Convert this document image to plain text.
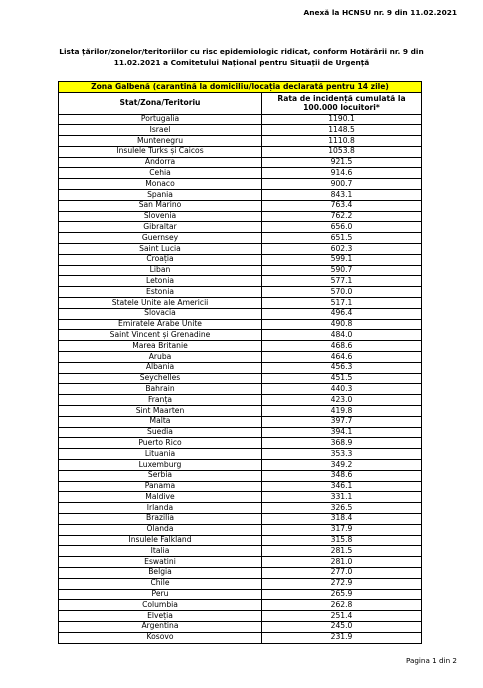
Anexă la HCNSU nr. 9 din 11.02.2021
Lista țărilor/zonelor/teritoriilor cu risc epidemiologic ridicat, conform Hotărârii nr. 9 din
11.02.2021 a Comitetului Național pentru Situații de Urgență
Zona Galbenă (carantină la domiciliu/locația declarată pentru 14 zile)	
Stat/Zona/Teritoriu	Rata de incidență cumulată la
100.000 locuitori*
Portugalia	1190.1
Israel	1148.5
Muntenegru	1110.8
Insulele Turks și Caicos	1053.8
Andorra	921.5
Cehia	914.6
Monaco	900.7
Spania	843.1
San Marino	763.4
Slovenia	762.2
Gibraltar	656.0
Guernsey	651.5
Saint Lucia	602.3
Croația	599.1
Liban	590.7
Letonia	577.1
Estonia	570.0
Statele Unite ale Americii	517.1
Slovacia	496.4
Emiratele Arabe Unite	490.8
Saint Vincent și Grenadine	484.0
Marea Britanie	468.6
Aruba	464.6
Albania	456.3
Seychelles	451.5
Bahrain	440.3
Franța	423.0
Sint Maarten	419.8
Malta	397.7
Suedia	394.1
Puerto Rico	368.9
Lituania	353.3
Luxemburg	349.2
Serbia	348.6
Panama	346.1
Maldive	331.1
Irlanda	326.5
Brazilia	318.4
Olanda	317.9
Insulele Falkland	315.8
Italia	281.5
Eswatini	281.0
Belgia	277.0
Chile	272.9
Peru	265.9
Columbia	262.8
Elveția	251.4
Argentina	245.0
Kosovo	231.9
Pagina 1 din 2
